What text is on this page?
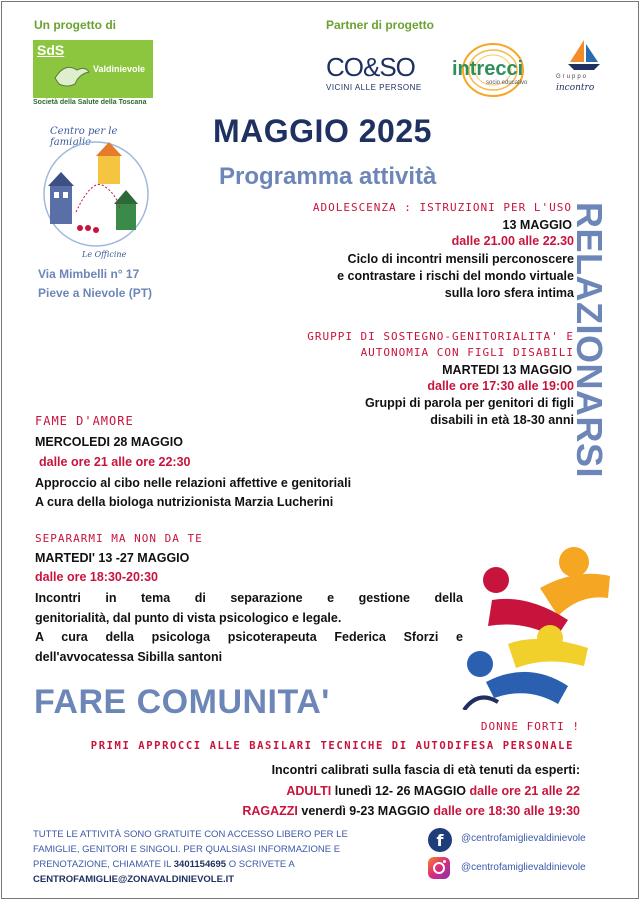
Un progetto di	Partner di progetto
SdS
Valdinievole
Società della Salute della Toscana
CO&SO
VICINI ALLE PERSONE
intrecci
socio educativo
Gruppo
incontro
Centro per le famiglie
Le Officine
Via Mimbelli n° 17
Pieve a Nievole (PT)
MAGGIO 2025
Programma attività
RELAZIONARSI
ADOLESCENZA : ISTRUZIONI PER L'USO
13 MAGGIO
dalle 21.00 alle 22.30
Ciclo di incontri mensili perconoscere
e contrastare i rischi del mondo virtuale
sulla loro sfera intima
GRUPPI DI SOSTEGNO-GENITORIALITA' E
AUTONOMIA CON FIGLI DISABILI
MARTEDI 13 MAGGIO
dalle ore 17:30 alle 19:00
Gruppi di parola per genitori di figli
disabili in età 18-30 anni
FAME D'AMORE
MERCOLEDI 28 MAGGIO
dalle ore 21 alle ore 22:30
Approccio al cibo nelle relazioni affettive e genitoriali
A cura della biologa nutrizionista Marzia Lucherini
SEPARARMI MA NON DA TE
MARTEDI' 13 -27 MAGGIO
dalle ore 18:30-20:30
Incontri in tema di separazione e gestione della
genitorialità, dal punto di vista psicologico e legale.
A cura della psicologa psicoterapeuta Federica Sforzi e
dell'avvocatessa Sibilla santoni
FARE COMUNITA'
DONNE FORTI !
PRIMI APPROCCI ALLE BASILARI TECNICHE DI AUTODIFESA PERSONALE
Incontri calibrati sulla fascia di età tenuti da esperti:
ADULTI lunedì 12- 26 MAGGIO dalle ore 21 alle 22
RAGAZZI venerdì 9-23 MAGGIO dalle ore 18:30 alle 19:30
TUTTE LE ATTIVITÀ SONO GRATUITE CON ACCESSO LIBERO PER LE
FAMIGLIE, GENITORI E SINGOLI. PER QUALSIASI INFORMAZIONE E
PRENOTAZIONE, CHIAMATE IL 3401154695 O SCRIVETE A
CENTROFAMIGLIE@ZONAVALDINIEVOLE.IT
f	@centrofamiglievaldinievole
@centrofamiglievaldinievole
